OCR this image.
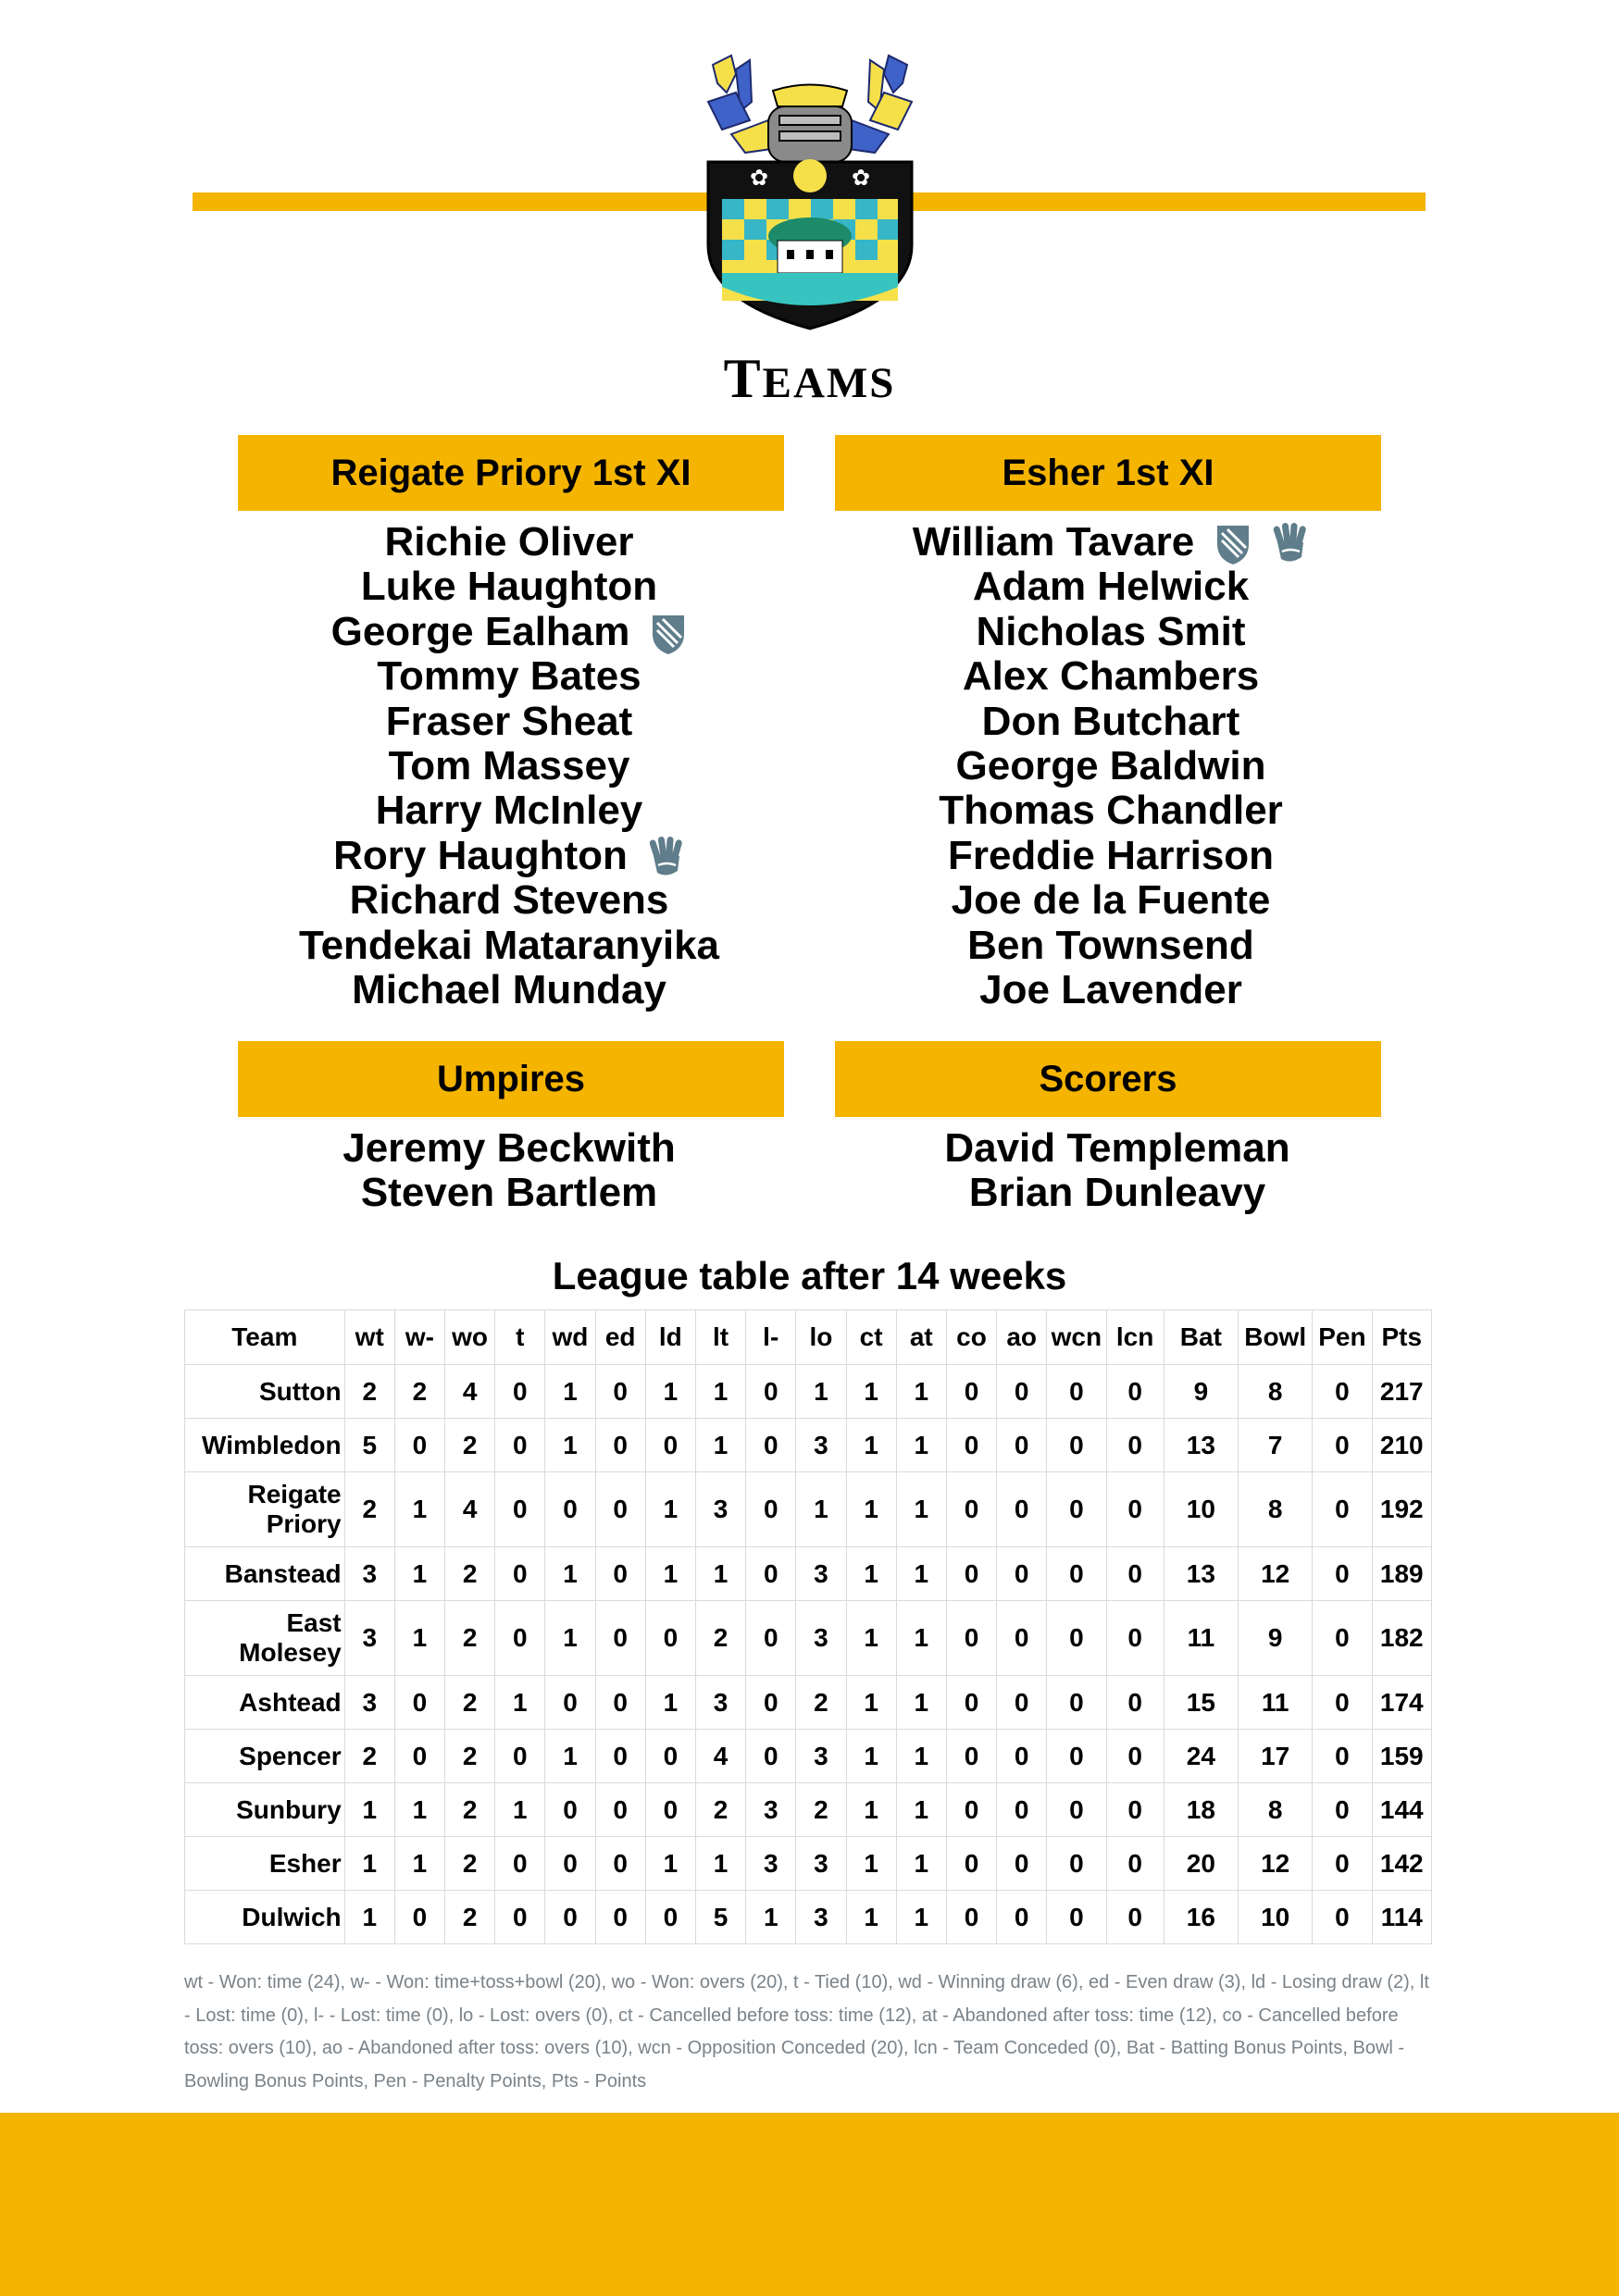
✿	✿
TEAMS
Reigate Priory 1st XI	Esher 1st XI
Richie Oliver
Luke Haughton
George Ealham
Tommy Bates
Fraser Sheat
Tom Massey
Harry McInley
Rory Haughton
Richard Stevens
Tendekai Mataranyika
Michael Munday
William Tavare
Adam Helwick
Nicholas Smit
Alex Chambers
Don Butchart
George Baldwin
Thomas Chandler
Freddie Harrison
Joe de la Fuente
Ben Townsend
Joe Lavender
Umpires	Scorers
Jeremy Beckwith
Steven Bartlem
David Templeman
Brian Dunleavy
League table after 14 weeks
Team	wt	w-	wo	t	wd	ed	ld	lt	l-	lo	ct	at	co	ao	wcn	lcn	Bat	Bowl	Pen	Pts
Sutton	2	2	4	0	1	0	1	1	0	1	1	1	0	0	0	0	9	8	0	217
Wimbledon	5	0	2	0	1	0	0	1	0	3	1	1	0	0	0	0	13	7	0	210
Reigate Priory	2	1	4	0	0	0	1	3	0	1	1	1	0	0	0	0	10	8	0	192
Banstead	3	1	2	0	1	0	1	1	0	3	1	1	0	0	0	0	13	12	0	189
East Molesey	3	1	2	0	1	0	0	2	0	3	1	1	0	0	0	0	11	9	0	182
Ashtead	3	0	2	1	0	0	1	3	0	2	1	1	0	0	0	0	15	11	0	174
Spencer	2	0	2	0	1	0	0	4	0	3	1	1	0	0	0	0	24	17	0	159
Sunbury	1	1	2	1	0	0	0	2	3	2	1	1	0	0	0	0	18	8	0	144
Esher	1	1	2	0	0	0	1	1	3	3	1	1	0	0	0	0	20	12	0	142
Dulwich	1	0	2	0	0	0	0	5	1	3	1	1	0	0	0	0	16	10	0	114
wt - Won: time (24), w- - Won: time+toss+bowl (20), wo - Won: overs (20), t - Tied (10), wd - Winning draw (6), ed - Even draw (3), ld - Losing draw (2), lt - Lost: time (0), l- - Lost: time (0), lo - Lost: overs (0), ct - Cancelled before toss: time (12), at - Abandoned after toss: time (12), co - Cancelled before toss: overs (10), ao - Abandoned after toss: overs (10), wcn - Opposition Conceded (20), lcn - Team Conceded (0), Bat - Batting Bonus Points, Bowl - Bowling Bonus Points, Pen - Penalty Points, Pts - Points
